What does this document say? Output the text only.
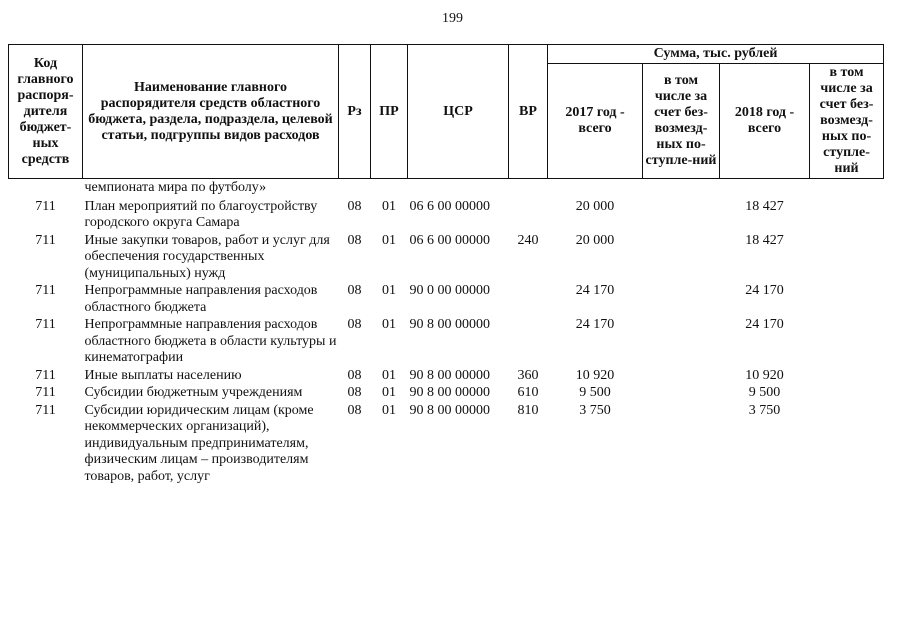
199
Код главного распоря-дителя бюджет-ных средств	Наименование главного распорядителя средств областного бюджета, раздела, подраздела, целевой статьи, подгруппы видов расходов	Рз	ПР	ЦСР	ВР	Сумма, тыс. рублей			
						2017 год - всего	в том числе за счет без-возмезд-ных по-ступле-ний	2018 год - всего	в том числе за счет без-возмезд-ных по-ступле-ний
	чемпионата мира по футболу»								
711	План мероприятий по благоустройству городского округа Самара	08	01	06 6 00 00000		20 000		18 427	
711	Иные закупки товаров, работ и услуг для обеспечения государственных (муниципальных) нужд	08	01	06 6 00 00000	240	20 000		18 427	
711	Непрограммные направления расходов областного бюджета	08	01	90 0 00 00000		24 170		24 170	
711	Непрограммные направления расходов областного бюджета в области культуры и кинематографии	08	01	90 8 00 00000		24 170		24 170	
711	Иные выплаты населению	08	01	90 8 00 00000	360	10 920		10 920	
711	Субсидии бюджетным учреждениям	08	01	90 8 00 00000	610	9 500		9 500	
711	Субсидии юридическим лицам (кроме некоммерческих организаций), индивидуальным предпринимателям, физическим лицам – производителям товаров, работ, услуг	08	01	90 8 00 00000	810	3 750		3 750	
